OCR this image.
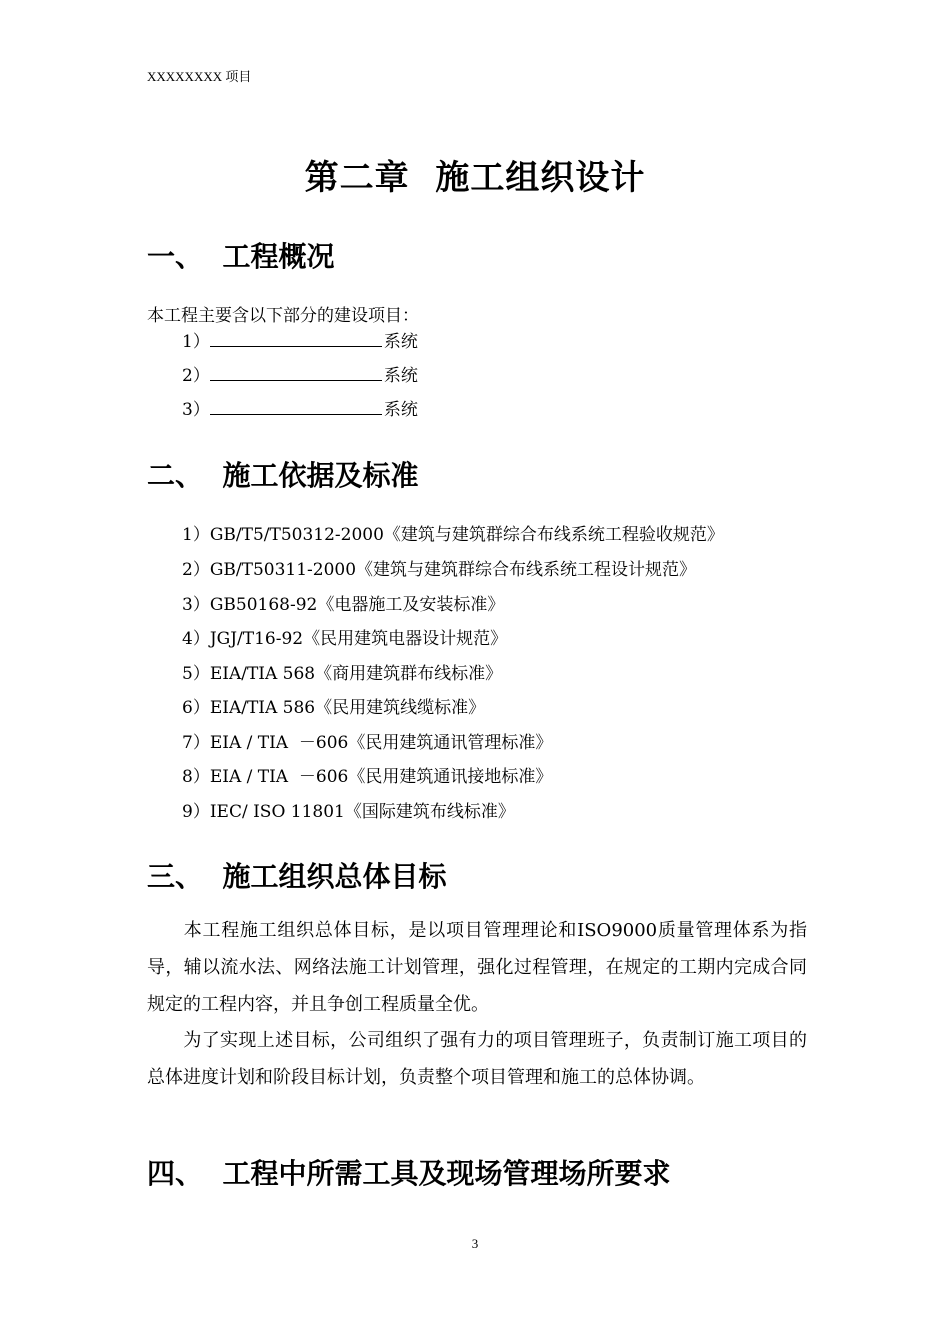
XXXXXXXX 项目
第二章  施工组织设计
一、  工程概况
本工程主要含以下部分的建设项目：
1）	系统
2）	系统
3）	系统
二、  施工依据及标准
1）GB/T5/T50312-2000《建筑与建筑群综合布线系统工程验收规范》
2）GB/T50311-2000《建筑与建筑群综合布线系统工程设计规范》
3）GB50168-92《电器施工及安装标准》
4）JGJ/T16-92《民用建筑电器设计规范》
5）EIA/TIA 568《商用建筑群布线标准》
6）EIA/TIA 586《民用建筑线缆标准》
7）EIA / TIA  －606《民用建筑通讯管理标准》
8）EIA / TIA  －606《民用建筑通讯接地标准》
9）IEC/ ISO 11801《国际建筑布线标准》
三、  施工组织总体目标
本工程施工组织总体目标，是以项目管理理论和ISO9000质量管理体系为指导，辅以流水法、网络法施工计划管理，强化过程管理，在规定的工期内完成合同规定的工程内容，并且争创工程质量全优。
为了实现上述目标，公司组织了强有力的项目管理班子，负责制订施工项目的总体进度计划和阶段目标计划，负责整个项目管理和施工的总体协调。
四、  工程中所需工具及现场管理场所要求
3
